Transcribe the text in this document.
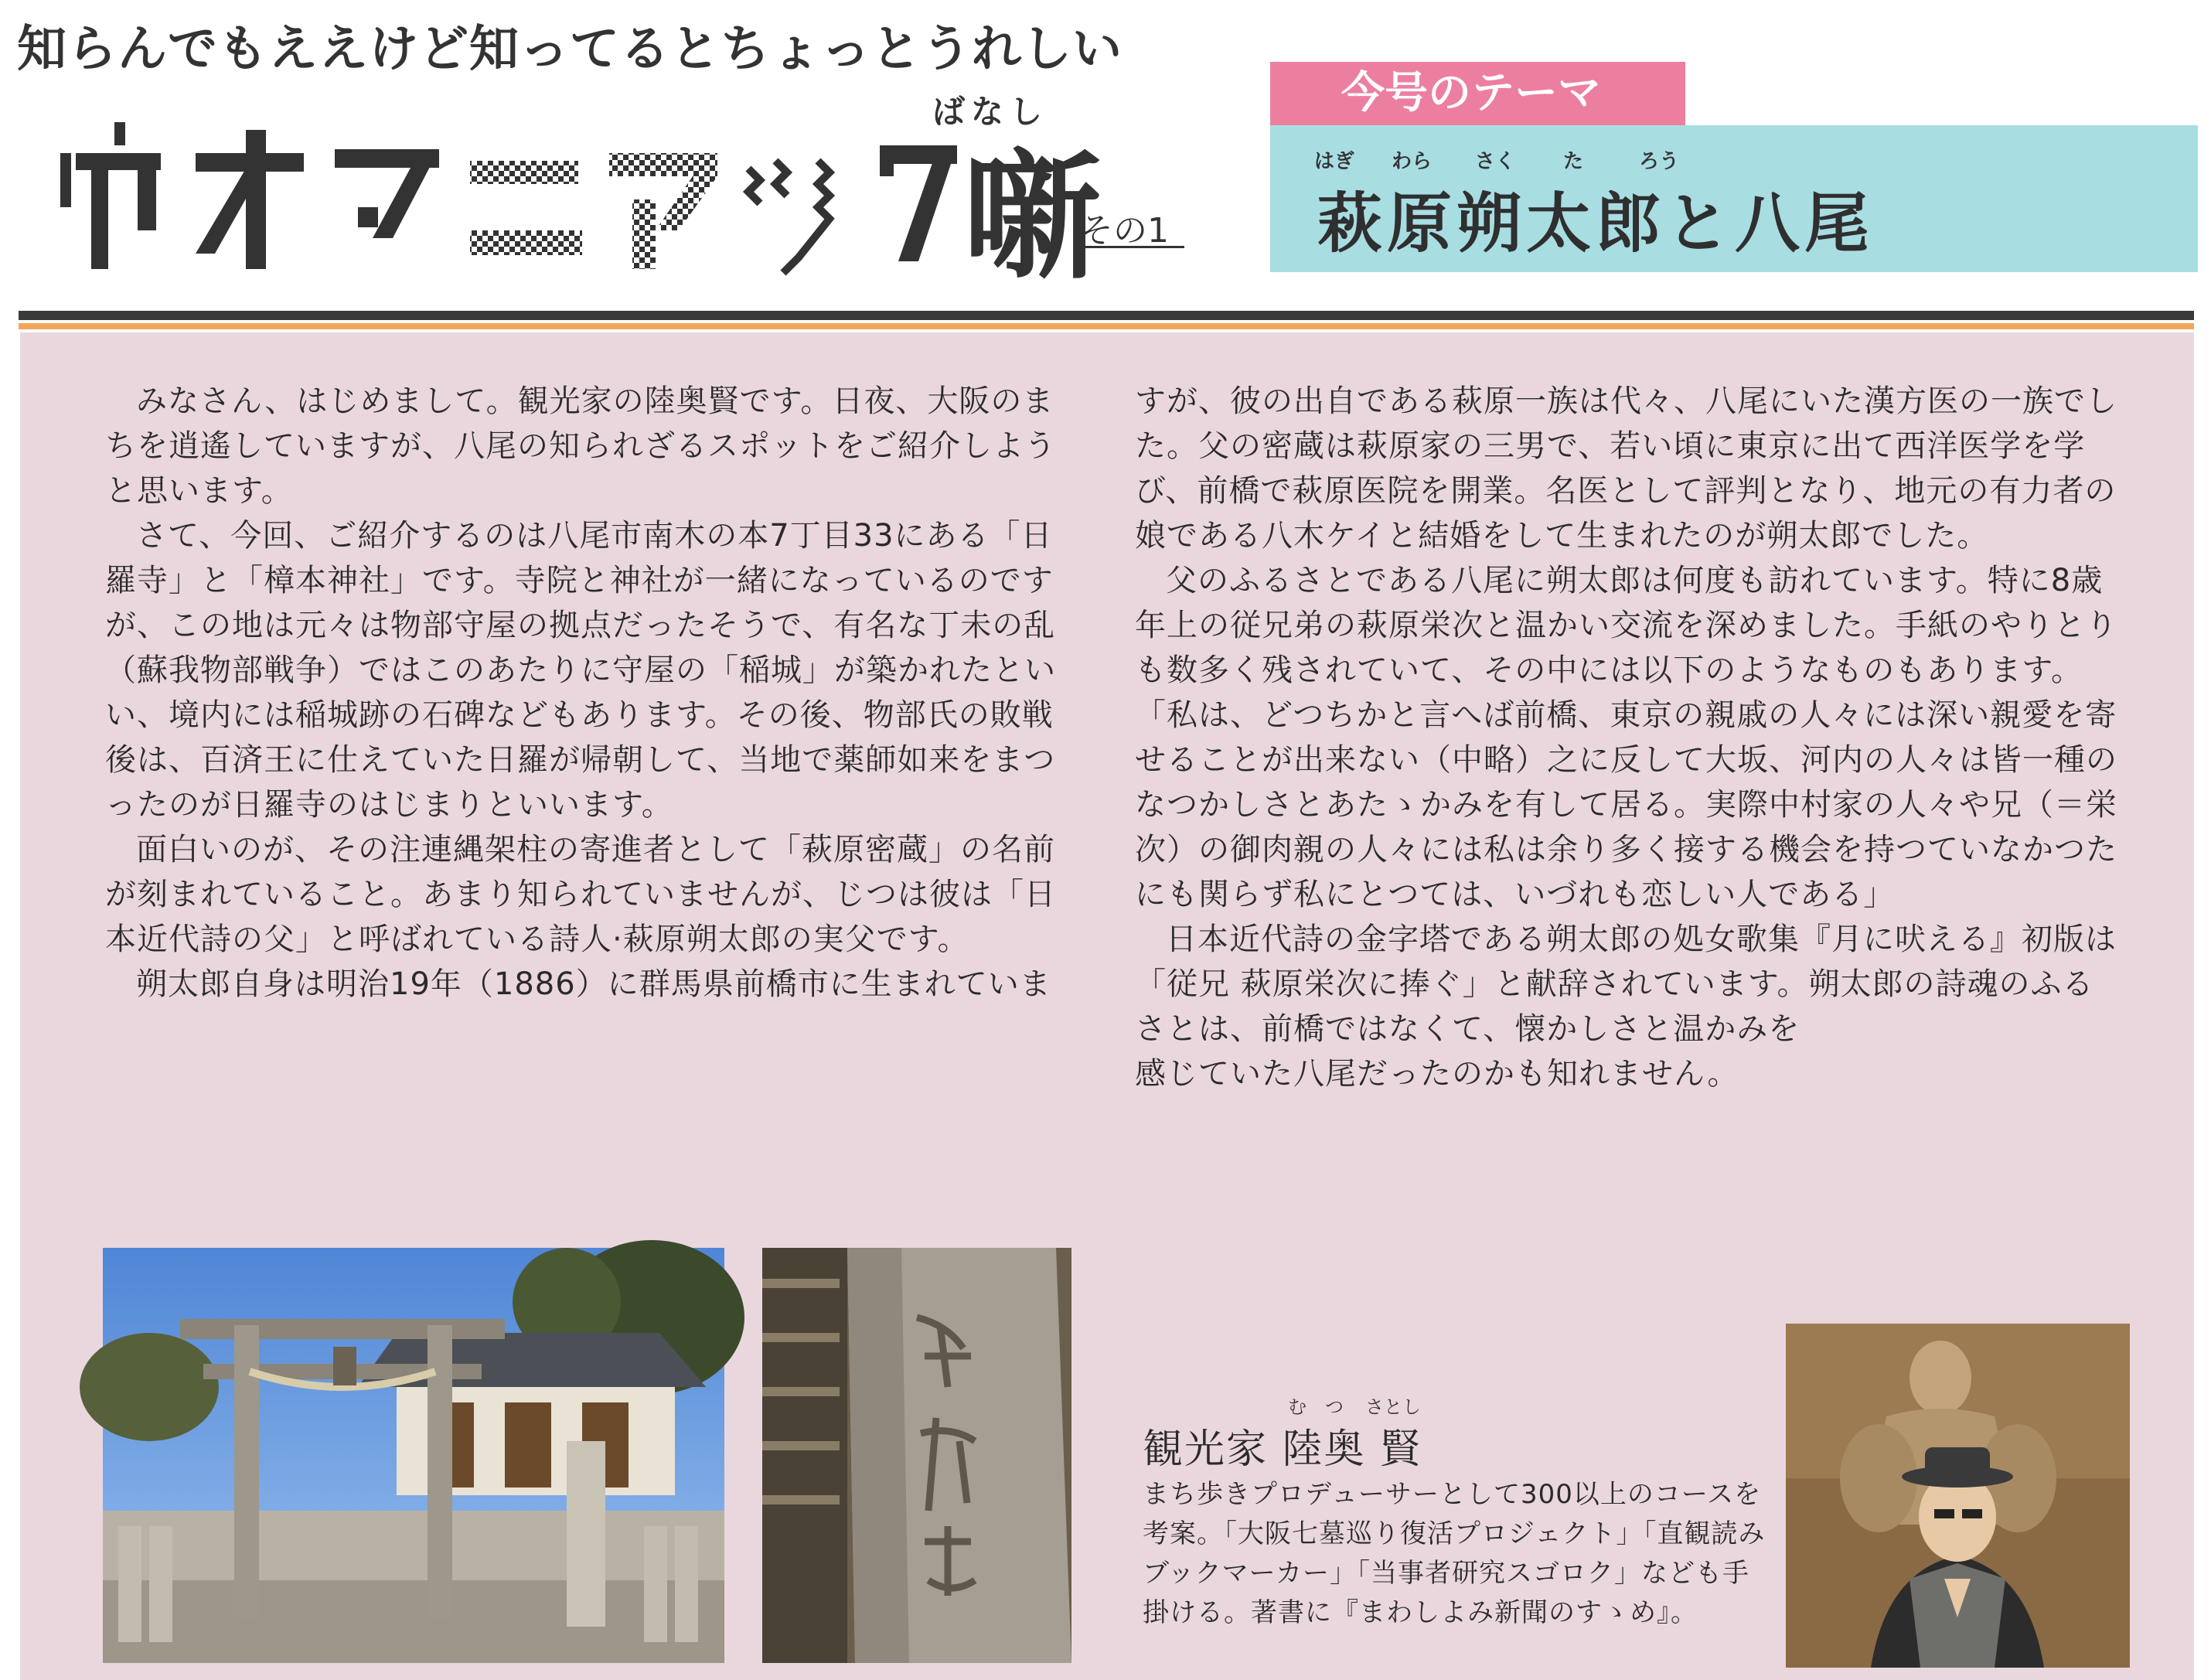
知らんでもええけど知ってるとちょっとうれしい
ばなし
噺
その1
今号のテーマ
はぎ わら さく た	ろう
萩原朔太郎と八尾

みなさん、はじめまして。観光家の陸奥賢です。日夜、大阪のまちを逍遙していますが、八尾の知られざるスポットをご紹介しようと思います。

さて、今回、ご紹介するのは八尾市南木の本7丁目33にある「日羅寺」と「樟本神社」です。寺院と神社が一緒になっているのですが、この地は元々は物部守屋の拠点だったそうで、有名な丁未の乱（蘇我物部戦争）ではこのあたりに守屋の「稲城」が築かれたといい、境内には稲城跡の石碑などもあります。その後、物部氏の敗戦後は、百済王に仕えていた日羅が帰朝して、当地で薬師如来をまつったのが日羅寺のはじまりといいます。

面白いのが、その注連縄架柱の寄進者として「萩原密蔵」の名前が刻まれていること。あまり知られていませんが、じつは彼は「日本近代詩の父」と呼ばれている詩人·萩原朔太郎の実父です。

朔太郎自身は明治19年（1886）に群馬県前橋市に生まれていま

すが、彼の出自である萩原一族は代々、八尾にいた漢方医の一族でした。父の密蔵は萩原家の三男で、若い頃に東京に出て西洋医学を学び、前橋で萩原医院を開業。名医として評判となり、地元の有力者の娘である八木ケイと結婚をして生まれたのが朔太郎でした。

父のふるさとである八尾に朔太郎は何度も訪れています。特に8歳年上の従兄弟の萩原栄次と温かい交流を深めました。手紙のやりとりも数多く残されていて、その中には以下のようなものもあります。「私は、どつちかと言へば前橋、東京の親戚の人々には深い親愛を寄せることが出来ない（中略）之に反して大坂、河内の人々は皆一種のなつかしさとあたゝかみを有して居る。実際中村家の人々や兄（＝栄次）の御肉親の人々には私は余り多く接する機会を持つていなかつたにも関らず私にとつては、いづれも恋しい人である」

日本近代詩の金字塔である朔太郎の処女歌集『月に吠える』初版は「従兄 萩原栄次に捧ぐ」と献辞されています。朔太郎の詩魂のふるさとは、前橋ではなくて、懐かしさと温かみを

感じていた八尾だったのかも知れません。

む つ さとし
観光家 陸奥 賢

まち歩きプロデューサーとして300以上のコースを考案。「大阪七墓巡り復活プロジェクト」「直観読みブックマーカー」「当事者研究スゴロク」なども手掛ける。著書に『まわしよみ新聞のすゝめ』。
